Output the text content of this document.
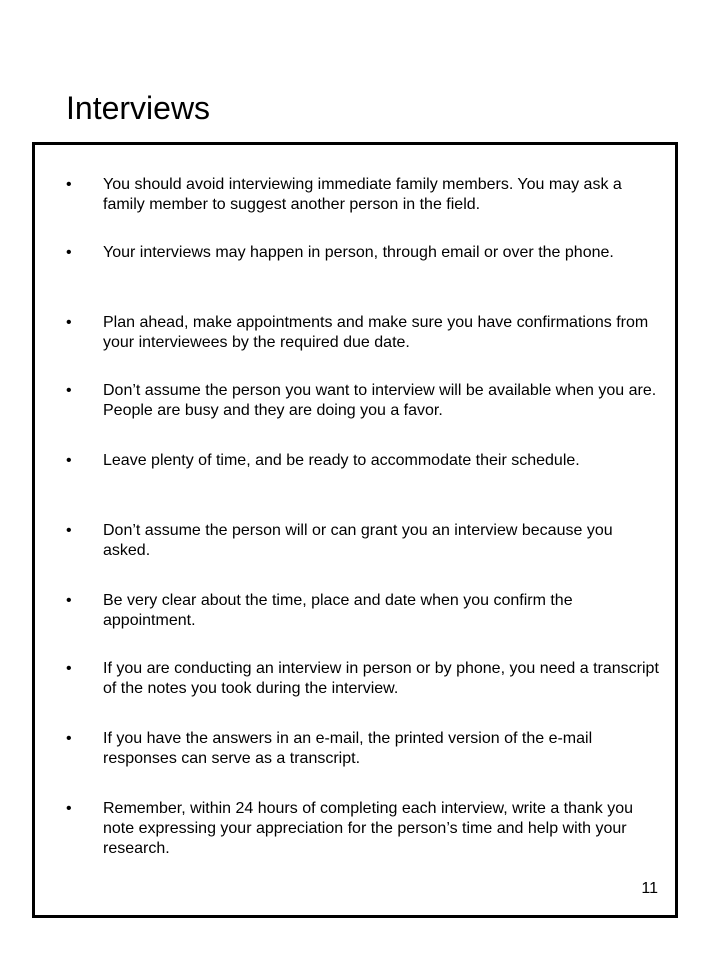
Interviews
• You should avoid interviewing immediate family members. You may ask a family member to suggest another person in the field.

• Your interviews may happen in person, through email or over the phone.

• Plan ahead, make appointments and make sure you have confirmations from your interviewees by the required due date.

• Don’t assume the person you want to interview will be available when you are. People are busy and they are doing you a favor.

• Leave plenty of time, and be ready to accommodate their schedule.

• Don’t assume the person will or can grant you an interview because you asked.

• Be very clear about the time, place and date when you confirm the appointment.

• If you are conducting an interview in person or by phone, you need a transcript of the notes you took during the interview.

• If you have the answers in an e-mail, the printed version of the e-mail responses can serve as a transcript.

• Remember, within 24 hours of completing each interview, write a thank you note expressing your appreciation for the person’s time and help with your research.

11
